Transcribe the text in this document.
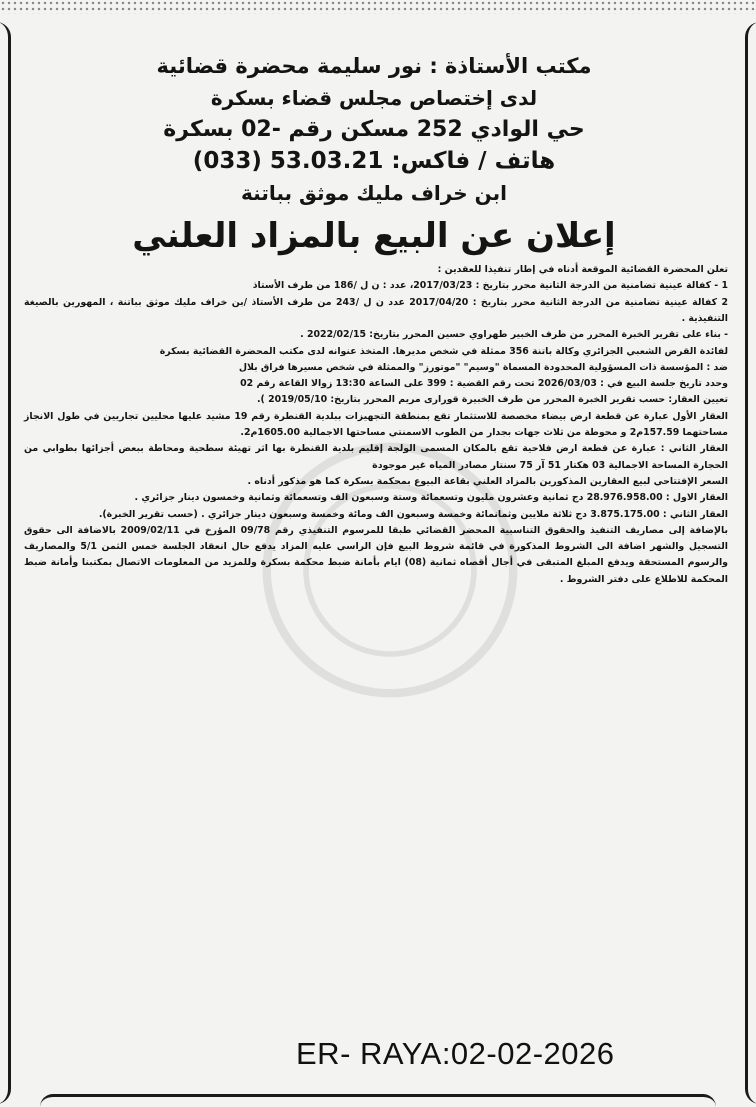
مكتب الأستاذة : نور سليمة محضرة قضائية
لدى إختصاص مجلس قضاء بسكرة
حي الوادي 252 مسكن رقم -02 بسكرة
هاتف / فاكس: 53.03.21 (033)
ابن خراف مليك موثق بباتنة
إعلان عن البيع بالمزاد العلني

تعلن المحضرة القضائية الموقعة أدناه في إطار تنفيذا للعقدين :

1 - كفالة عينية تضامنية من الدرجة الثانية محرر بتاريخ : 2017/03/23، عدد : ن ل /186 من طرف الأستاذ

2 كفالة عينية تضامنية من الدرجة الثانية محرر بتاريخ : 2017/04/20 عدد ن ل /243 من طرف الأستاذ /بن خراف مليك موثق بباتنة ، المهورين بالصيغة التنفيذية .

- بناء على تقرير الخبرة المحرر من طرف الخبير طهراوي حسين المحرر بتاريخ: 2022/02/15 .

لفائدة القرض الشعبي الجزائري وكالة باتنة 356 ممثلة في شخص مديرها. المتخذ عنوانه لدى مكتب المحضرة القضائية بسكرة

ضد : المؤسسة ذات المسؤولية المحدودة المسماة "وسيم" "موتورز" والممثلة في شخص مسيرها فراق بلال

وحدد تاريخ جلسة البيع في : 2026/03/03 تحت رقم القضية : 399 على الساعة 13:30 زوالا القاعة رقم 02

تعيين العقار: حسب تقرير الخبرة المحرر من طرف الخبيرة قورارى مريم المحرر بتاريخ: 2019/05/10 ).

العقار الأول عبارة عن قطعة ارض بيضاء مخصصة للاستثمار تقع بمنطقة التجهيزات ببلدية القنطرة رقم 19 مشيد عليها محليين تجاريين في طول الانجاز مساحتهما 157.59م2 و محوطة من ثلاث جهات بجدار من الطوب الاسمنتي مساحتها الاجمالية 1605.00م2.

العقار الثاني : عبارة عن قطعة ارض فلاحية تقع بالمكان المسمى الولجة إقليم بلدية القنطرة بها اثر تهيئة سطحية ومحاطة ببعض أجزائها بطوابي من الحجارة المساحة الاجمالية 03 هكتار 51 آر 75 سنتار مصادر المياه غير موجودة

السعر الإفتتاحي لبيع العقارين المذكورين بالمزاد العلني بقاعة البيوع بمحكمة بسكرة كما هو مذكور أدناه .

العقار الاول : 28.976.958.00 دج ثمانية وعشرون مليون وتسعمائة وستة وسبعون الف وتسعمائة وثمانية وخمسون دينار جزائري .

العقار الثاني : 3.875.175.00 دج ثلاثة ملايين وثمانمائة وخمسة وسبعون الف ومائة وخمسة وسبعون دينار جزائري . (حسب تقرير الخبرة).

بالإضافة إلى مصاريف التنفيذ والحقوق التناسبية المحضر القضائي طبقا للمرسوم التنفيذي رقم 09/78 المؤرخ في 2009/02/11 بالاضافة الى حقوق التسجيل والشهر اضافة الى الشروط المذكورة في قائمة شروط البيع فإن الراسي عليه المزاد يدفع حال انعقاد الجلسة خمس الثمن 5/1 والمصاريف والرسوم المستحقة ويدفع المبلغ المتبقى في أجال أقصاه ثمانية (08) ايام بأمانة ضبط محكمة بسكرة وللمزيد من المعلومات الاتصال بمكتبنا وأمانة ضبط المحكمة للاطلاع على دفتر الشروط .

ER- RAYA:02-02-2026
